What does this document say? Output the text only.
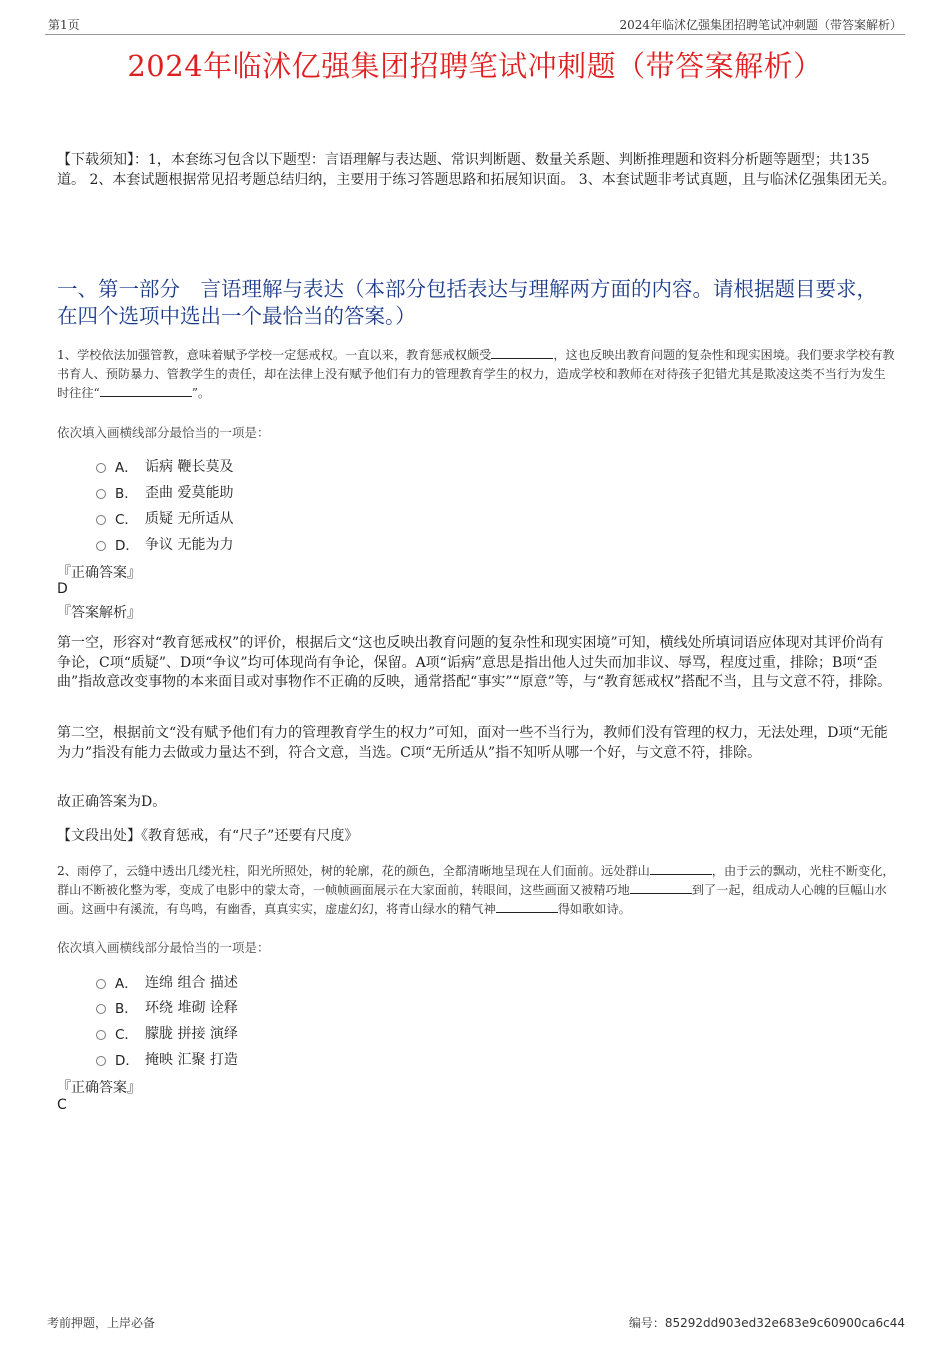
第1页	2024年临沭亿强集团招聘笔试冲刺题（带答案解析）
2024年临沭亿强集团招聘笔试冲刺题（带答案解析）
【下载须知】：1，本套练习包含以下题型：言语理解与表达题、常识判断题、数量关系题、判断推理题和资料分析题等题型；共135道。 2、本套试题根据常见招考题总结归纳，主要用于练习答题思路和拓展知识面。 3、本套试题非考试真题，且与临沭亿强集团无关。
一、第一部分　言语理解与表达（本部分包括表达与理解两方面的内容。请根据题目要求，在四个选项中选出一个最恰当的答案。）
1、学校依法加强管教，意味着赋予学校一定惩戒权。一直以来，教育惩戒权颇受	，这也反映出教育问题的复杂性和现实困境。我们要求学校有教书育人、预防暴力、管教学生的责任，却在法律上没有赋予他们有力的管理教育学生的权力，造成学校和教师在对待孩子犯错尤其是欺凌这类不当行为发生时往往“	”。
依次填入画横线部分最恰当的一项是：
A． 诟病 鞭长莫及
B． 歪曲 爱莫能助
C． 质疑 无所适从
D． 争议 无能为力
『正确答案』
D
『答案解析』
第一空，形容对“教育惩戒权”的评价，根据后文“这也反映出教育问题的复杂性和现实困境”可知，横线处所填词语应体现对其评价尚有争论，C项“质疑”、D项“争议”均可体现尚有争论，保留。A项“诟病”意思是指出他人过失而加非议、辱骂，程度过重，排除；B项“歪曲”指故意改变事物的本来面目或对事物作不正确的反映，通常搭配“事实”“原意”等，与“教育惩戒权”搭配不当，且与文意不符，排除。
第二空，根据前文“没有赋予他们有力的管理教育学生的权力”可知，面对一些不当行为，教师们没有管理的权力，无法处理，D项“无能为力”指没有能力去做或力量达不到，符合文意，当选。C项“无所适从”指不知听从哪一个好，与文意不符，排除。
故正确答案为D。
【文段出处】《教育惩戒，有“尺子”还要有尺度》
2、雨停了，云缝中透出几缕光柱，阳光所照处，树的轮廓，花的颜色，全都清晰地呈现在人们面前。远处群山	，由于云的飘动，光柱不断变化，群山不断被化整为零，变成了电影中的蒙太奇，一帧帧画面展示在大家面前，转眼间，这些画面又被精巧地	到了一起，组成动人心魄的巨幅山水画。这画中有溪流，有鸟鸣，有幽香，真真实实，虚虚幻幻，将青山绿水的精气神	得如歌如诗。
依次填入画横线部分最恰当的一项是：
A． 连绵 组合 描述
B． 环绕 堆砌 诠释
C． 朦胧 拼接 演绎
D． 掩映 汇聚 打造
『正确答案』
C
考前押题，上岸必备	编号：85292dd903ed32e683e9c60900ca6c44
